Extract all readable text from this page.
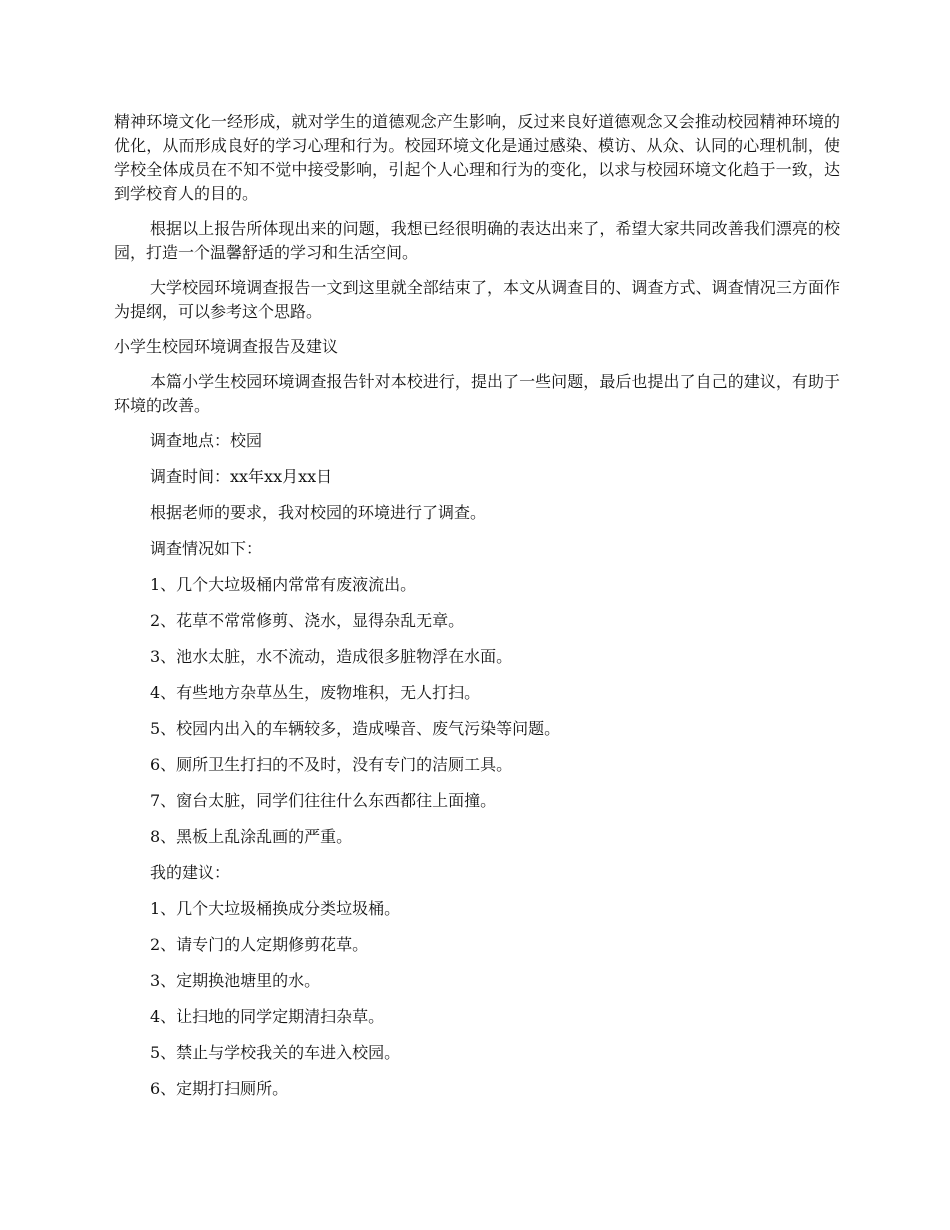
精神环境文化一经形成，就对学生的道德观念产生影响，反过来良好道德观念又会推动校园精神环境的优化，从而形成良好的学习心理和行为。校园环境文化是通过感染、模访、从众、认同的心理机制，使学校全体成员在不知不觉中接受影响，引起个人心理和行为的变化，以求与校园环境文化趋于一致，达到学校育人的目的。

根据以上报告所体现出来的问题，我想已经很明确的表达出来了，希望大家共同改善我们漂亮的校园，打造一个温馨舒适的学习和生活空间。

大学校园环境调查报告一文到这里就全部结束了，本文从调查目的、调查方式、调查情况三方面作为提纲，可以参考这个思路。

小学生校园环境调查报告及建议

本篇小学生校园环境调查报告针对本校进行，提出了一些问题，最后也提出了自己的建议，有助于环境的改善。

调查地点：校园
调查时间：xx年xx月xx日
根据老师的要求，我对校园的环境进行了调查。
调查情况如下：
1、几个大垃圾桶内常常有废液流出。
2、花草不常常修剪、浇水，显得杂乱无章。
3、池水太脏，水不流动，造成很多脏物浮在水面。
4、有些地方杂草丛生，废物堆积，无人打扫。
5、校园内出入的车辆较多，造成噪音、废气污染等问题。
6、厕所卫生打扫的不及时，没有专门的洁厕工具。
7、窗台太脏，同学们往往什么东西都往上面撞。
8、黑板上乱涂乱画的严重。
我的建议：
1、几个大垃圾桶换成分类垃圾桶。
2、请专门的人定期修剪花草。
3、定期换池塘里的水。
4、让扫地的同学定期清扫杂草。
5、禁止与学校我关的车进入校园。
6、定期打扫厕所。
